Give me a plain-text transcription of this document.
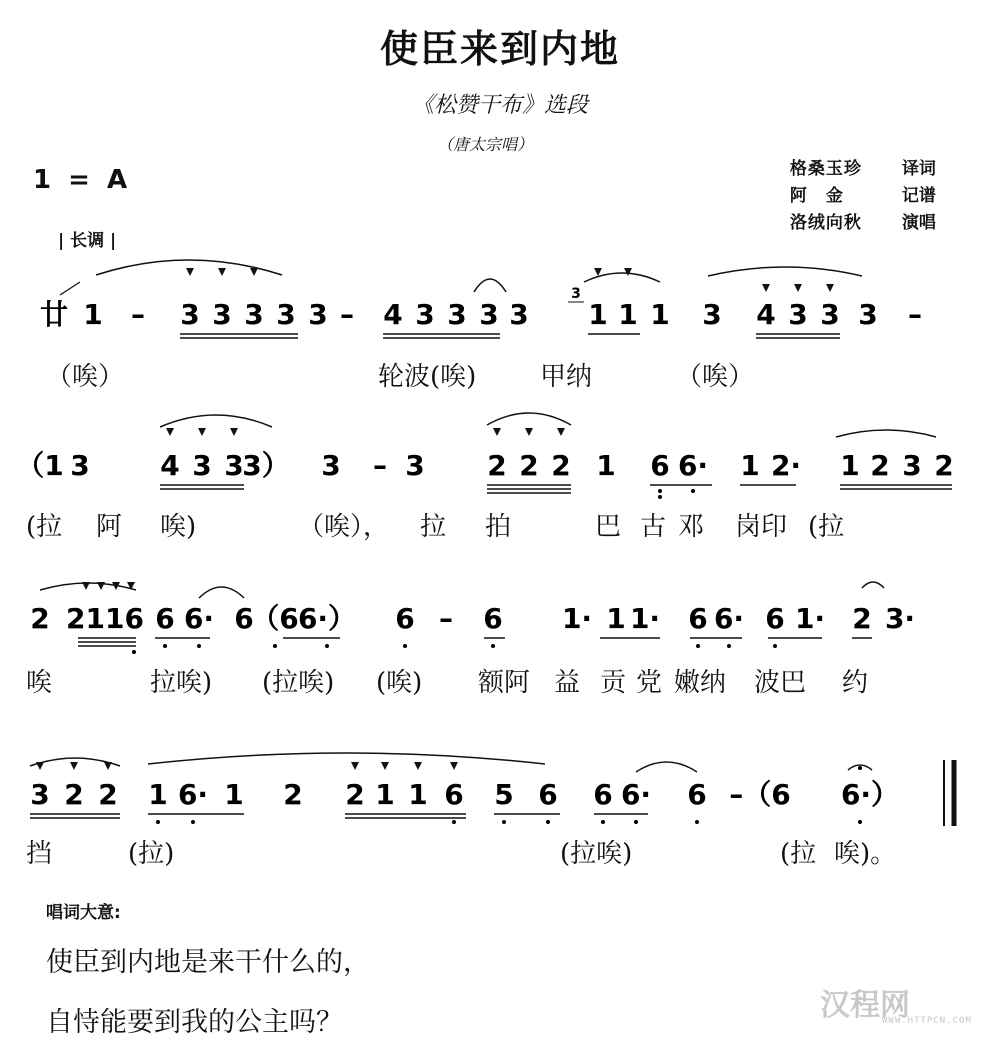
使臣来到内地
《松赞干布》选段
（唐太宗唱）
1 = A	格桑玉珍 译词

阿　金	记谱

洛绒向秋 演唱

| 长调 |
廿 1 – 3 3 3 3 3 – 4 3 3 3 3 1 1 1 3 4 3 3 3 –
3
（1 3	4 3 3
3） 3 – 3 2 2 2 1 6 6· 1 2· 1 2 3 2
2 2116 6 6· 6
（6 6·） 6 – 6 1· 1 1· 6 6· 6 1· 2 3·
3 2 2 1 6· 1 2 2 1 1 6 5 6 6 6· 6 –（6 6·）
（唉）	轮波(唉) 甲纳	（唉）
(拉 阿 唉)	（唉）， 拉 拍	巴 古 邓 岗印 (拉
唉	拉唉) (拉唉) (唉) 额阿 益 贡 党 嫩纳 波巴 约
挡	(拉)	(拉唉)	(拉 唉)。
唱词大意:
使臣到内地是来干什么的，
自恃能要到我的公主吗？	汉程网
WWW.HTTPCN.COM
